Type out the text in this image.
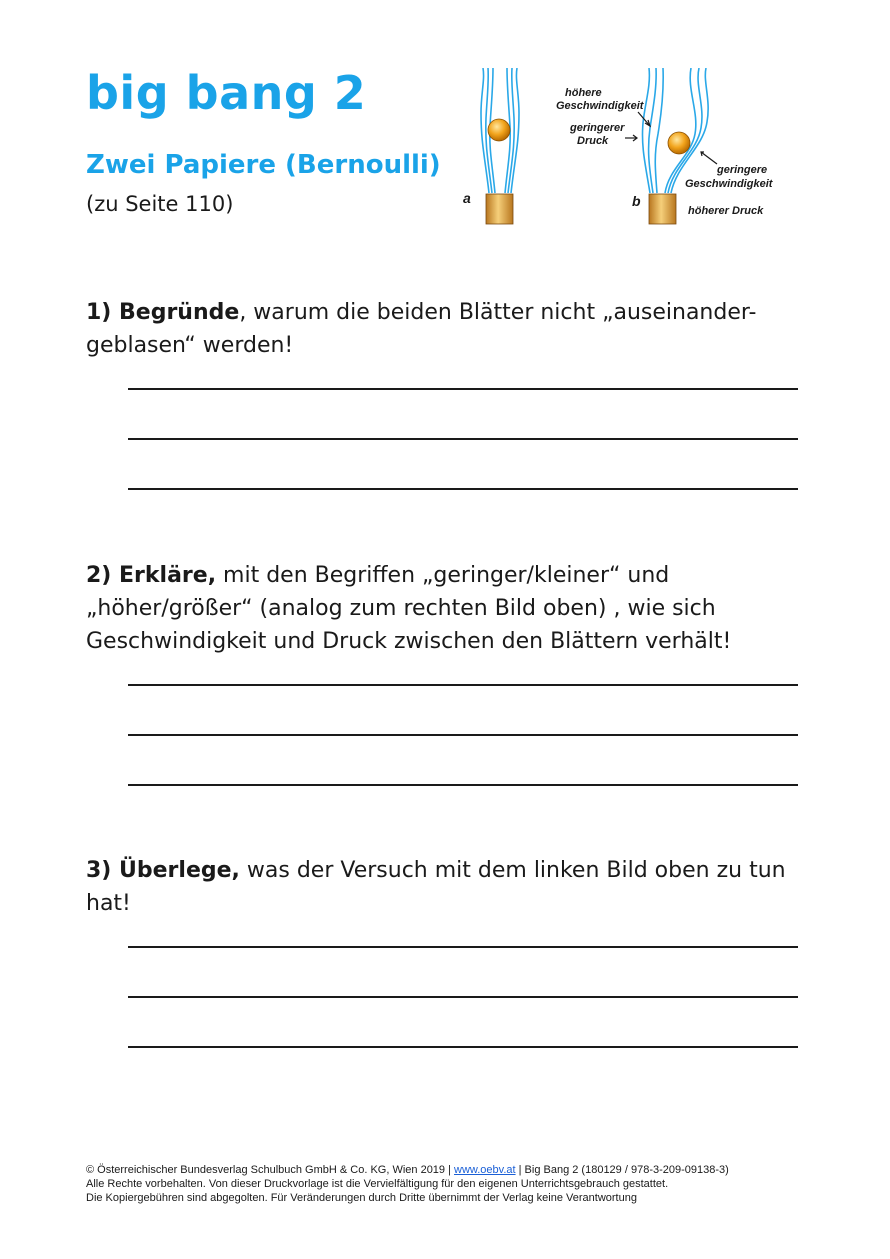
big bang 2
Zwei Papiere (Bernoulli)

(zu Seite 110)	a	b
höhere
Geschwindigkeit
geringerer
Druck
geringere
Geschwindigkeit
höherer Druck

1) Begründe, warum die beiden Blätter nicht „auseinander-
geblasen“ werden!

2) Erkläre, mit den Begriffen „geringer/kleiner“ und
„höher/größer“ (analog zum rechten Bild oben) , wie sich
Geschwindigkeit und Druck zwischen den Blättern verhält!

3) Überlege, was der Versuch mit dem linken Bild oben zu tun
hat!

© Österreichischer Bundesverlag Schulbuch GmbH & Co. KG, Wien 2019 | www.oebv.at | Big Bang 2 (180129 / 978-3-209-09138-3)
Alle Rechte vorbehalten. Von dieser Druckvorlage ist die Vervielfältigung für den eigenen Unterrichtsgebrauch gestattet.
Die Kopiergebühren sind abgegolten. Für Veränderungen durch Dritte übernimmt der Verlag keine Verantwortung
